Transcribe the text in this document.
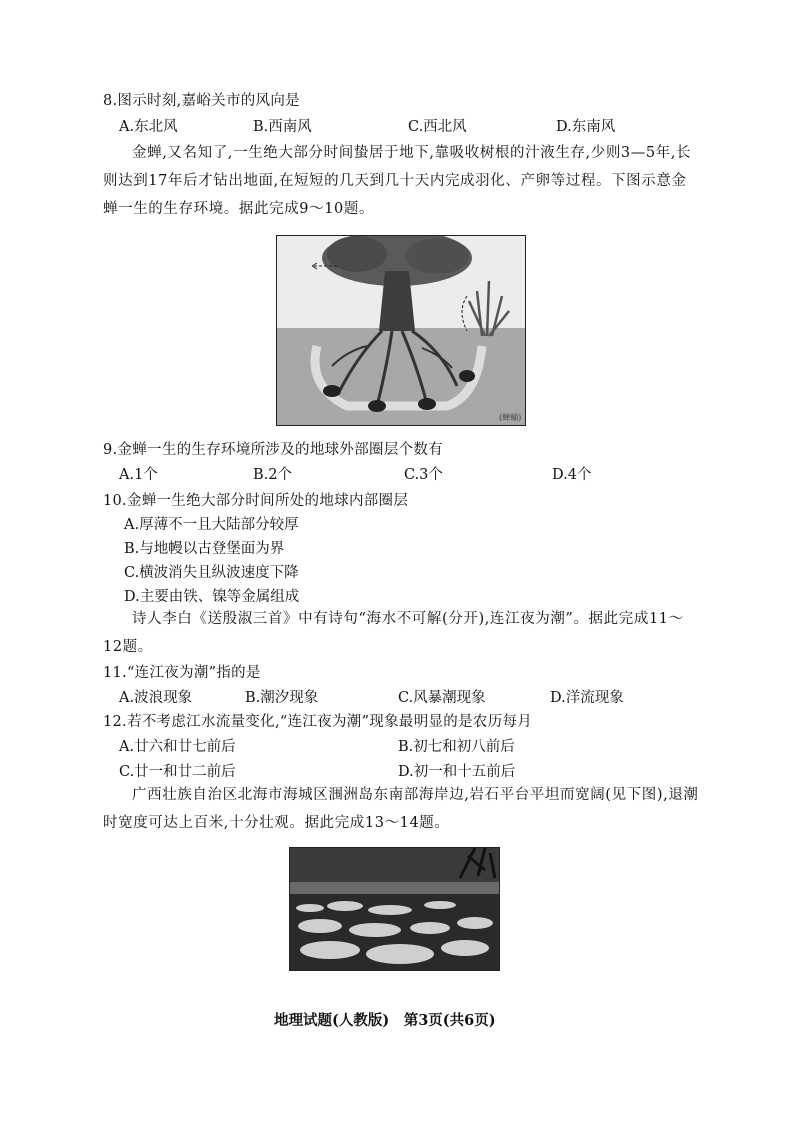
8.图示时刻,嘉峪关市的风向是
A.东北风	B.西南风	C.西北风	D.东南风
金蝉,又名知了,一生绝大部分时间蛰居于地下,靠吸收树根的汁液生存,少则3—5年,长则达到17年后才钻出地面,在短短的几天到几十天内完成羽化、产卵等过程。下图示意金蝉一生的生存环境。据此完成9～10题。
(蝉蛹)
9.金蝉一生的生存环境所涉及的地球外部圈层个数有
A.1个	B.2个	C.3个	D.4个
10.金蝉一生绝大部分时间所处的地球内部圈层
A.厚薄不一且大陆部分较厚
B.与地幔以古登堡面为界
C.横波消失且纵波速度下降
D.主要由铁、镍等金属组成
诗人李白《送殷淑三首》中有诗句“海水不可解(分开),连江夜为潮”。据此完成11～12题。
11.“连江夜为潮”指的是
A.波浪现象	B.潮汐现象	C.风暴潮现象	D.洋流现象
12.若不考虑江水流量变化,“连江夜为潮”现象最明显的是农历每月
A.廿六和廿七前后	B.初七和初八前后
C.廿一和廿二前后	D.初一和十五前后
广西壮族自治区北海市海城区涠洲岛东南部海岸边,岩石平台平坦而宽阔(见下图),退潮时宽度可达上百米,十分壮观。据此完成13～14题。
地理试题(人教版)　第3页(共6页)
